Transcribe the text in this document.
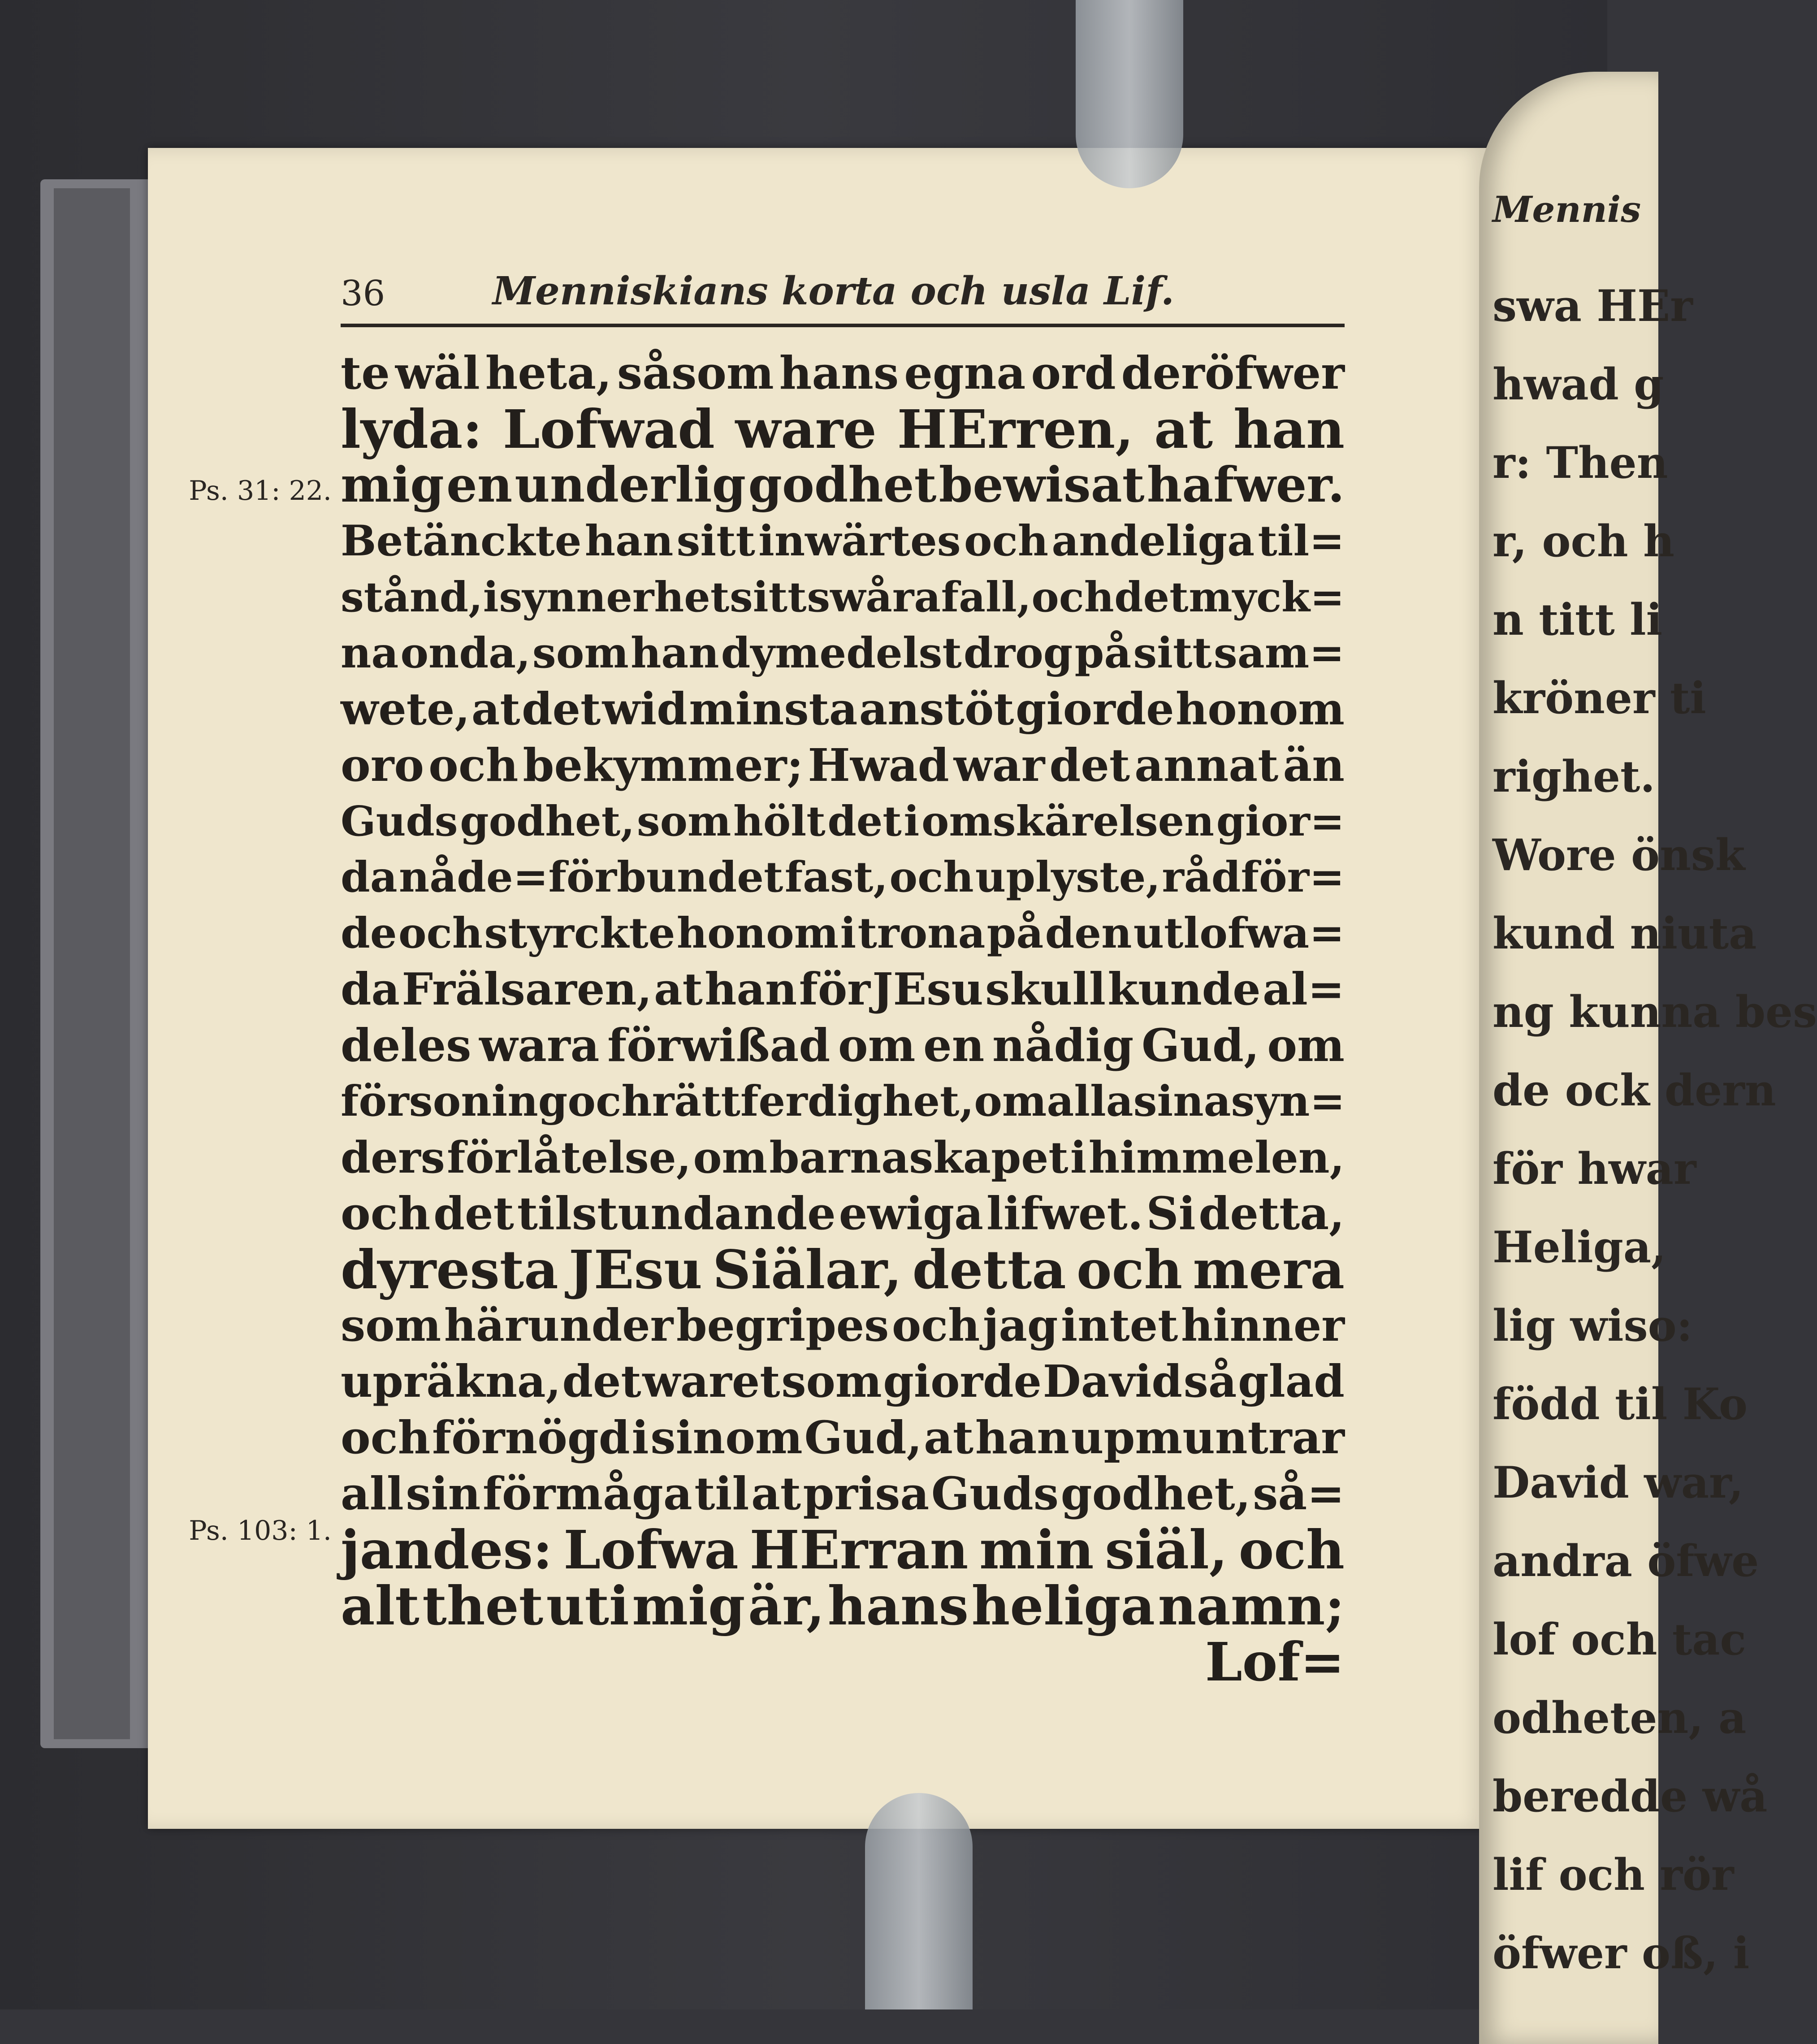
Mennis
swa HEr
hwad g
r: Then
r, och h
n titt li
kröner ti
righet.
Wore önsk
kund niuta
ng kunna bes
de ock dern
för hwar
Heliga,
lig wiso:
född til Ko
David war,
andra öfwe
lof och tac
odheten, a
beredde wå
lif och rör
öfwer oß, i
36	Menniskians korta och usla Lif.
Ps. 31: 22.
Ps. 103: 1.
te wäl heta, såsom hans egna ord deröfwer
lyda: Lofwad ware HErren, at han
mig en underlig godhet bewisat hafwer.
Betänckte han sitt inwärtes och andeliga til=
stånd, i synnerhet sitt swåra fall, och det myck=
na onda, som han dymedelst drog på sitt sam=
wete, at det wid minsta anstöt giorde honom
oro och bekymmer; Hwad war det annat än
Guds godhet, som hölt det i omskärelsen gior=
da nåde=förbundet fast, och uplyste, rådför=
de och styrckte honom i trona på den utlofwa=
da Frälsaren, at han för JEsu skull kunde al=
deles wara förwißad om en nådig Gud, om
försoning och rättferdighet, om alla sina syn=
ders förlåtelse, om barnaskapet i himmelen,
och det tilstundande ewiga lifwet. Si detta,
dyresta JEsu Siälar, detta och mera
som härunder begripes och jag intet hinner
upräkna, det waret som giorde David så glad
och förnögd i sinom Gud, at han upmuntrar
all sin förmåga til at prisa Guds godhet, så=
jandes: Lofwa HErran min siäl, och
alt thet uti mig är, hans heliga namn;
Lof=
